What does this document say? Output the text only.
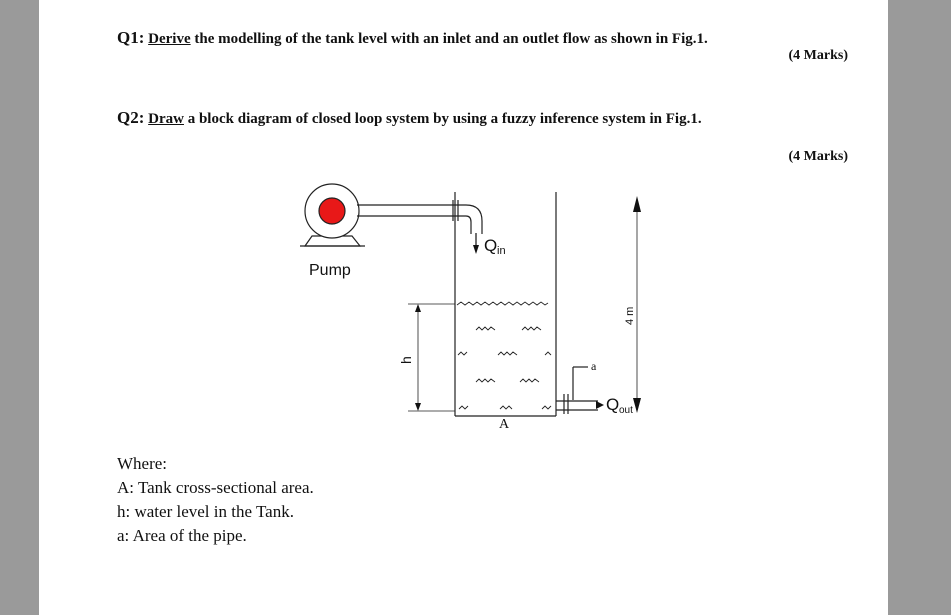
Q1: Derive the modelling of the tank level with an inlet and an outlet flow as shown in Fig.1.
(4 Marks)
Q2: Draw a block diagram of closed loop system by using a fuzzy inference system in Fig.1.
(4 Marks)
Where:
A: Tank cross-sectional area.
h: water level in the Tank.
a: Area of the pipe.
Pump
Q in
Q out
h
4 m
a
A
